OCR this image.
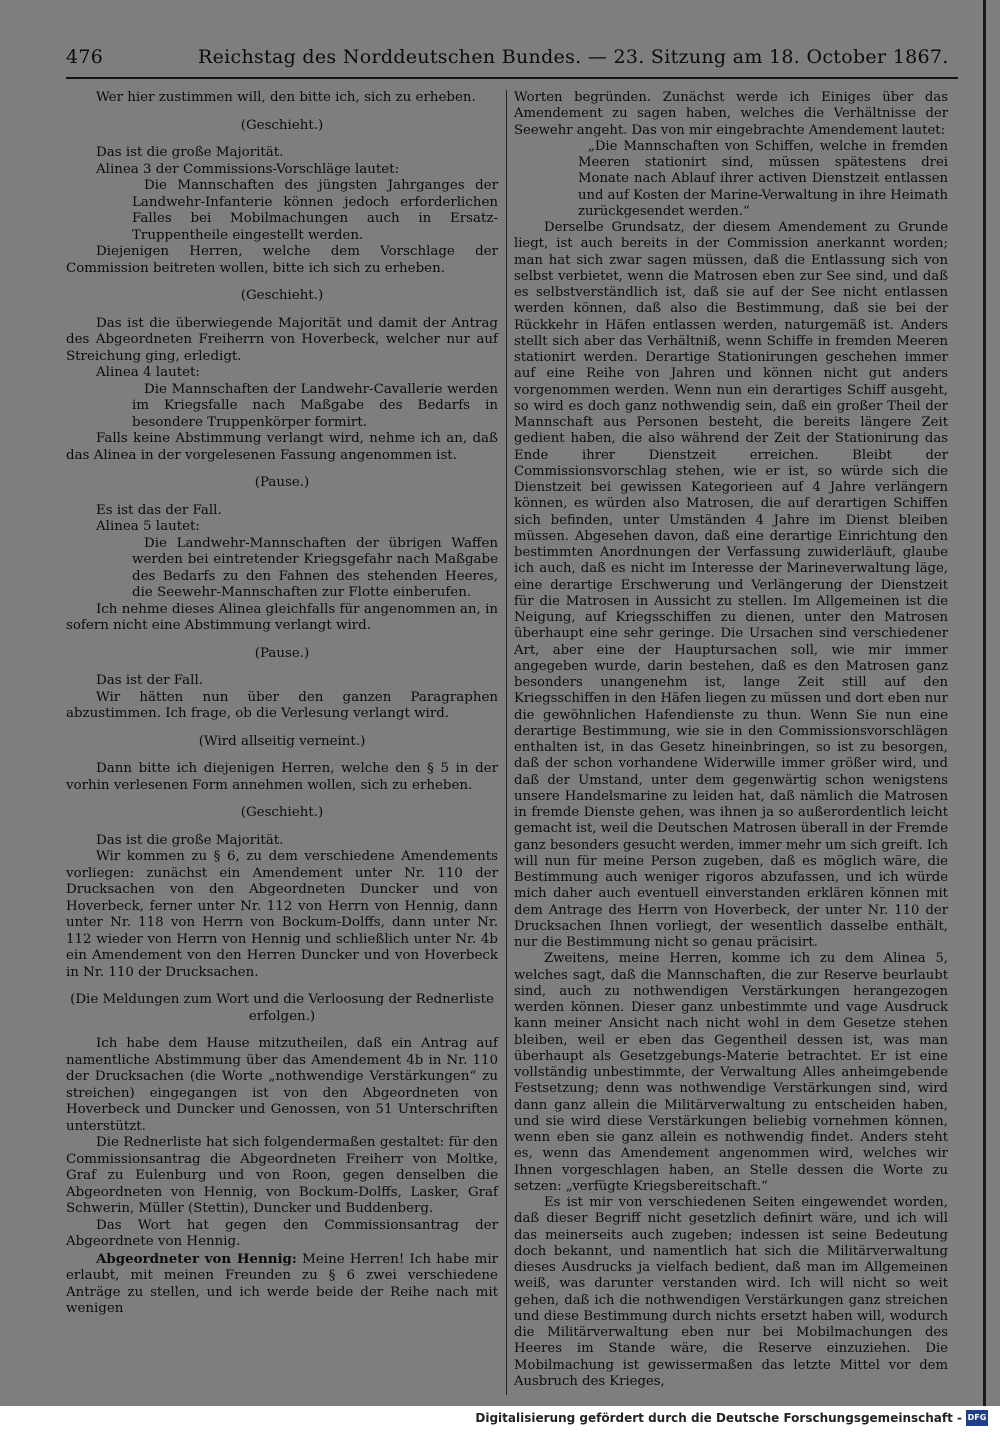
476	Reichstag des Norddeutschen Bundes. — 23. Sitzung am 18. October 1867.

Wer hier zustimmen will, den bitte ich, sich zu erheben.

(Geschieht.)

Das ist die große Majorität.

Alinea 3 der Commissions-Vorschläge lautet:

Die Mannschaften des jüngsten Jahrganges der Landwehr-Infanterie können jedoch erforderlichen Falles bei Mobilmachungen auch in Ersatz-Truppentheile eingestellt werden.

Diejenigen Herren, welche dem Vorschlage der Commission beitreten wollen, bitte ich sich zu erheben.

(Geschieht.)

Das ist die überwiegende Majorität und damit der Antrag des Abgeordneten Freiherrn von Hoverbeck, welcher nur auf Streichung ging, erledigt.

Alinea 4 lautet:

Die Mannschaften der Landwehr-Cavallerie werden im Kriegsfalle nach Maßgabe des Bedarfs in besondere Truppenkörper formirt.

Falls keine Abstimmung verlangt wird, nehme ich an, daß das Alinea in der vorgelesenen Fassung angenommen ist.

(Pause.)

Es ist das der Fall.

Alinea 5 lautet:

Die Landwehr-Mannschaften der übrigen Waffen werden bei eintretender Kriegsgefahr nach Maßgabe des Bedarfs zu den Fahnen des stehenden Heeres, die Seewehr-Mannschaften zur Flotte einberufen.

Ich nehme dieses Alinea gleichfalls für angenommen an, in sofern nicht eine Abstimmung verlangt wird.

(Pause.)

Das ist der Fall.

Wir hätten nun über den ganzen Paragraphen abzustimmen. Ich frage, ob die Verlesung verlangt wird.

(Wird allseitig verneint.)

Dann bitte ich diejenigen Herren, welche den § 5 in der vorhin verlesenen Form annehmen wollen, sich zu erheben.

(Geschieht.)

Das ist die große Majorität.

Wir kommen zu § 6, zu dem verschiedene Amendements vorliegen: zunächst ein Amendement unter Nr. 110 der Drucksachen von den Abgeordneten Duncker und von Hoverbeck, ferner unter Nr. 112 von Herrn von Hennig, dann unter Nr. 118 von Herrn von Bockum-Dolffs, dann unter Nr. 112 wieder von Herrn von Hennig und schließlich unter Nr. 4b ein Amendement von den Herren Duncker und von Hoverbeck in Nr. 110 der Drucksachen.

(Die Meldungen zum Wort und die Verloosung der Rednerliste erfolgen.)

Ich habe dem Hause mitzutheilen, daß ein Antrag auf namentliche Abstimmung über das Amendement 4b in Nr. 110 der Drucksachen (die Worte „nothwendige Verstärkungen“ zu streichen) eingegangen ist von den Abgeordneten von Hoverbeck und Duncker und Genossen, von 51 Unterschriften unterstützt.

Die Rednerliste hat sich folgendermaßen gestaltet: für den Commissionsantrag die Abgeordneten Freiherr von Moltke, Graf zu Eulenburg und von Roon, gegen denselben die Abgeordneten von Hennig, von Bockum-Dolffs, Lasker, Graf Schwerin, Müller (Stettin), Duncker und Buddenberg.

Das Wort hat gegen den Commissionsantrag der Abgeordnete von Hennig.

Abgeordneter von Hennig: Meine Herren! Ich habe mir erlaubt, mit meinen Freunden zu § 6 zwei verschiedene Anträge zu stellen, und ich werde beide der Reihe nach mit wenigen

Worten begründen. Zunächst werde ich Einiges über das Amendement zu sagen haben, welches die Verhältnisse der Seewehr angeht. Das von mir eingebrachte Amendement lautet:

„Die Mannschaften von Schiffen, welche in fremden Meeren stationirt sind, müssen spätestens drei Monate nach Ablauf ihrer activen Dienstzeit entlassen und auf Kosten der Marine-Verwaltung in ihre Heimath zurückgesendet werden.“

Derselbe Grundsatz, der diesem Amendement zu Grunde liegt, ist auch bereits in der Commission anerkannt worden; man hat sich zwar sagen müssen, daß die Entlassung sich von selbst verbietet, wenn die Matrosen eben zur See sind, und daß es selbstverständlich ist, daß sie auf der See nicht entlassen werden können, daß also die Bestimmung, daß sie bei der Rückkehr in Häfen entlassen werden, naturgemäß ist. Anders stellt sich aber das Verhältniß, wenn Schiffe in fremden Meeren stationirt werden. Derartige Stationirungen geschehen immer auf eine Reihe von Jahren und können nicht gut anders vorgenommen werden. Wenn nun ein derartiges Schiff ausgeht, so wird es doch ganz nothwendig sein, daß ein großer Theil der Mannschaft aus Personen besteht, die bereits längere Zeit gedient haben, die also während der Zeit der Stationirung das Ende ihrer Dienstzeit erreichen. Bleibt der Commissionsvorschlag stehen, wie er ist, so würde sich die Dienstzeit bei gewissen Kategorieen auf 4 Jahre verlängern können, es würden also Matrosen, die auf derartigen Schiffen sich befinden, unter Umständen 4 Jahre im Dienst bleiben müssen. Abgesehen davon, daß eine derartige Einrichtung den bestimmten Anordnungen der Verfassung zuwiderläuft, glaube ich auch, daß es nicht im Interesse der Marineverwaltung läge, eine derartige Erschwerung und Verlängerung der Dienstzeit für die Matrosen in Aussicht zu stellen. Im Allgemeinen ist die Neigung, auf Kriegsschiffen zu dienen, unter den Matrosen überhaupt eine sehr geringe. Die Ursachen sind verschiedener Art, aber eine der Hauptursachen soll, wie mir immer angegeben wurde, darin bestehen, daß es den Matrosen ganz besonders unangenehm ist, lange Zeit still auf den Kriegsschiffen in den Häfen liegen zu müssen und dort eben nur die gewöhnlichen Hafendienste zu thun. Wenn Sie nun eine derartige Bestimmung, wie sie in den Commissionsvorschlägen enthalten ist, in das Gesetz hineinbringen, so ist zu besorgen, daß der schon vorhandene Widerwille immer größer wird, und daß der Umstand, unter dem gegenwärtig schon wenigstens unsere Handelsmarine zu leiden hat, daß nämlich die Matrosen in fremde Dienste gehen, was ihnen ja so außerordentlich leicht gemacht ist, weil die Deutschen Matrosen überall in der Fremde ganz besonders gesucht werden, immer mehr um sich greift. Ich will nun für meine Person zugeben, daß es möglich wäre, die Bestimmung auch weniger rigoros abzufassen, und ich würde mich daher auch eventuell einverstanden erklären können mit dem Antrage des Herrn von Hoverbeck, der unter Nr. 110 der Drucksachen Ihnen vorliegt, der wesentlich dasselbe enthält, nur die Bestimmung nicht so genau präcisirt.

Zweitens, meine Herren, komme ich zu dem Alinea 5, welches sagt, daß die Mannschaften, die zur Reserve beurlaubt sind, auch zu nothwendigen Verstärkungen herangezogen werden können. Dieser ganz unbestimmte und vage Ausdruck kann meiner Ansicht nach nicht wohl in dem Gesetze stehen bleiben, weil er eben das Gegentheil dessen ist, was man überhaupt als Gesetzgebungs-Materie betrachtet. Er ist eine vollständig unbestimmte, der Verwaltung Alles anheimgebende Festsetzung; denn was nothwendige Verstärkungen sind, wird dann ganz allein die Militärverwaltung zu entscheiden haben, und sie wird diese Verstärkungen beliebig vornehmen können, wenn eben sie ganz allein es nothwendig findet. Anders steht es, wenn das Amendement angenommen wird, welches wir Ihnen vorgeschlagen haben, an Stelle dessen die Worte zu setzen: „verfügte Kriegsbereitschaft.“

Es ist mir von verschiedenen Seiten eingewendet worden, daß dieser Begriff nicht gesetzlich definirt wäre, und ich will das meinerseits auch zugeben; indessen ist seine Bedeutung doch bekannt, und namentlich hat sich die Militärverwaltung dieses Ausdrucks ja vielfach bedient, daß man im Allgemeinen weiß, was darunter verstanden wird. Ich will nicht so weit gehen, daß ich die nothwendigen Verstärkungen ganz streichen und diese Bestimmung durch nichts ersetzt haben will, wodurch die Militärverwaltung eben nur bei Mobilmachungen des Heeres im Stande wäre, die Reserve einzuziehen. Die Mobilmachung ist gewissermaßen das letzte Mittel vor dem Ausbruch des Krieges,

Digitalisierung gefördert durch die Deutsche Forschungsgemeinschaft - DFG
